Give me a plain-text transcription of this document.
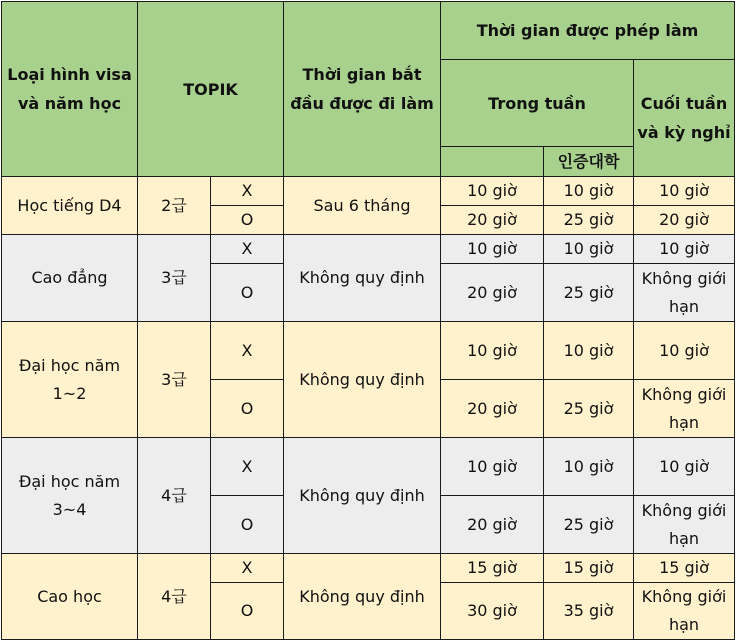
Loại hình visa và năm học	TOPIK		Thời gian bắt đầu được đi làm	Thời gian được phép làm		
				Trong tuần		Cuối tuần và kỳ nghỉ
					인증대학	
Học tiếng D4	2급	X	Sau 6 tháng	10 giờ	10 giờ	10 giờ
		O		20 giờ	25 giờ	20 giờ
Cao đẳng	3급	X	Không quy định	10 giờ	10 giờ	10 giờ
		O		20 giờ	25 giờ	Không giới hạn
Đại học năm 1~2	3급	X	Không quy định	10 giờ	10 giờ	10 giờ
		O		20 giờ	25 giờ	Không giới hạn
Đại học năm 3~4	4급	X	Không quy định	10 giờ	10 giờ	10 giờ
		O		20 giờ	25 giờ	Không giới hạn
Cao học	4급	X	Không quy định	15 giờ	15 giờ	15 giờ
		O		30 giờ	35 giờ	Không giới hạn
